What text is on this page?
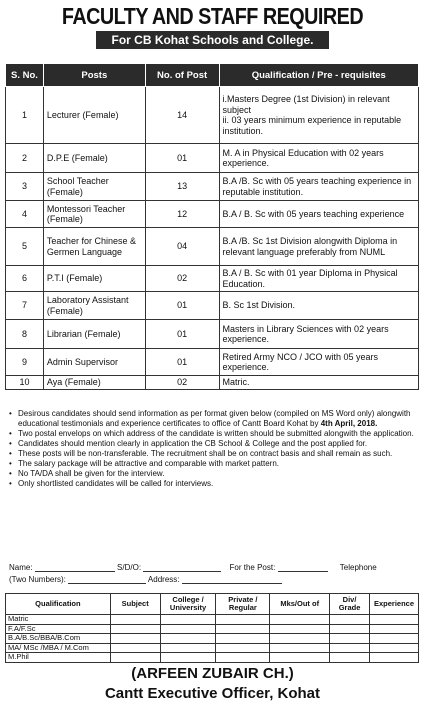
FACULTY AND STAFF REQUIRED
For CB Kohat Schools and College.
S. No.	Posts	No. of Post	Qualification / Pre - requisites
1	Lecturer (Female)	14	i.Masters Degree (1st Division) in relevant subject
ii. 03 years minimum experience in reputable institution.
2	D.P.E (Female)	01	M. A in Physical Education with 02 years experience.
3	School Teacher (Female)	13	B.A /B. Sc with 05 years teaching experience in reputable institution.
4	Montessori Teacher (Female)	12	B.A / B. Sc with 05 years teaching experience
5	Teacher for Chinese & Germen Language	04	B.A /B. Sc 1st Division alongwith Diploma in relevant language preferably from NUML
6	P.T.I (Female)	02	B.A / B. Sc with 01 year Diploma in Physical Education.
7	Laboratory Assistant (Female)	01	B. Sc 1st Division.
8	Librarian (Female)	01	Masters in Library Sciences with 02 years experience.
9	Admin Supervisor	01	Retired Army NCO / JCO with 05 years experience.
10	Aya (Female)	02	Matric.
• Desirous candidates should send information as per format given below (compiled on MS Word only) alongwith educational testimonials and experience certificates to office of Cantt Board Kohat by 4th April, 2018.
• Two postal envelops on which address of the candidate is written should be submitted alongwith the application.
• Candidates should mention clearly in application the CB School & College and the post applied for.
• These posts will be non-transferable. The recruitment shall be on contract basis and shall remain as such.
• The salary package will be attractive and comparable with market pattern.
• No TA/DA shall be given for the interview.
• Only shortlisted candidates will be called for interviews.
Name:	S/D/O:	For the Post:	Telephone
(Two Numbers):	Address:
Qualification	Subject	College / University	Private / Regular	Mks/Out of	Div/ Grade	Experience
Matric						
F.A/F.Sc						
B.A/B.Sc/BBA/B.Com						
MA/ MSc /MBA / M.Com						
M.Phil						
(ARFEEN ZUBAIR CH.)
Cantt Executive Officer, Kohat
